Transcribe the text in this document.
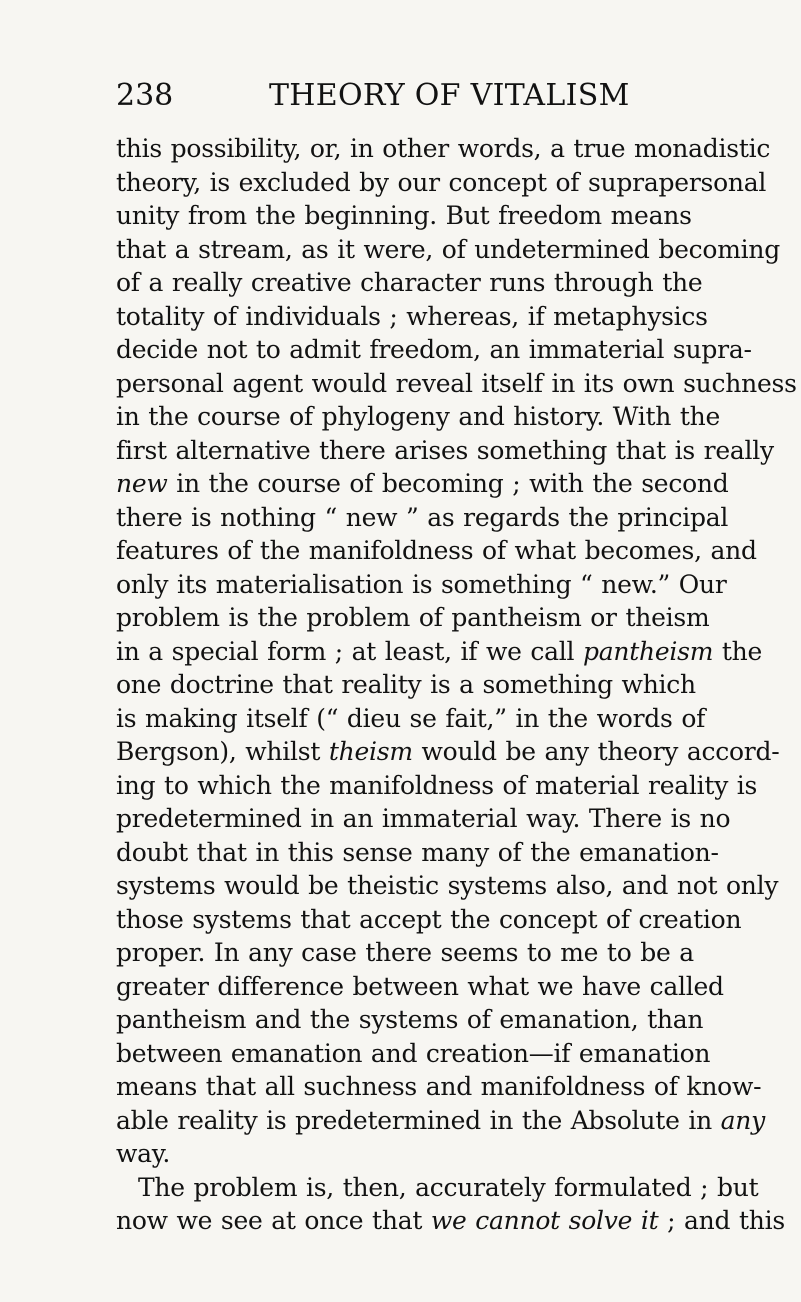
238	THEORY OF VITALISM
this possibility, or, in other words, a true monadistic
theory, is excluded by our concept of suprapersonal
unity from the beginning. But freedom means
that a stream, as it were, of undetermined becoming
of a really creative character runs through the
totality of individuals ; whereas, if metaphysics
decide not to admit freedom, an immaterial supra-
personal agent would reveal itself in its own suchness
in the course of phylogeny and history. With the
first alternative there arises something that is really
new in the course of becoming ; with the second
there is nothing “ new ” as regards the principal
features of the manifoldness of what becomes, and
only its materialisation is something “ new.” Our
problem is the problem of pantheism or theism
in a special form ; at least, if we call pantheism the
one doctrine that reality is a something which
is making itself (“ dieu se fait,” in the words of
Bergson), whilst theism would be any theory accord-
ing to which the manifoldness of material reality is
predetermined in an immaterial way. There is no
doubt that in this sense many of the emanation-
systems would be theistic systems also, and not only
those systems that accept the concept of creation
proper. In any case there seems to me to be a
greater difference between what we have called
pantheism and the systems of emanation, than
between emanation and creation—if emanation
means that all suchness and manifoldness of know-
able reality is predetermined in the Absolute in any
way.
The problem is, then, accurately formulated ; but
now we see at once that we cannot solve it ; and this
